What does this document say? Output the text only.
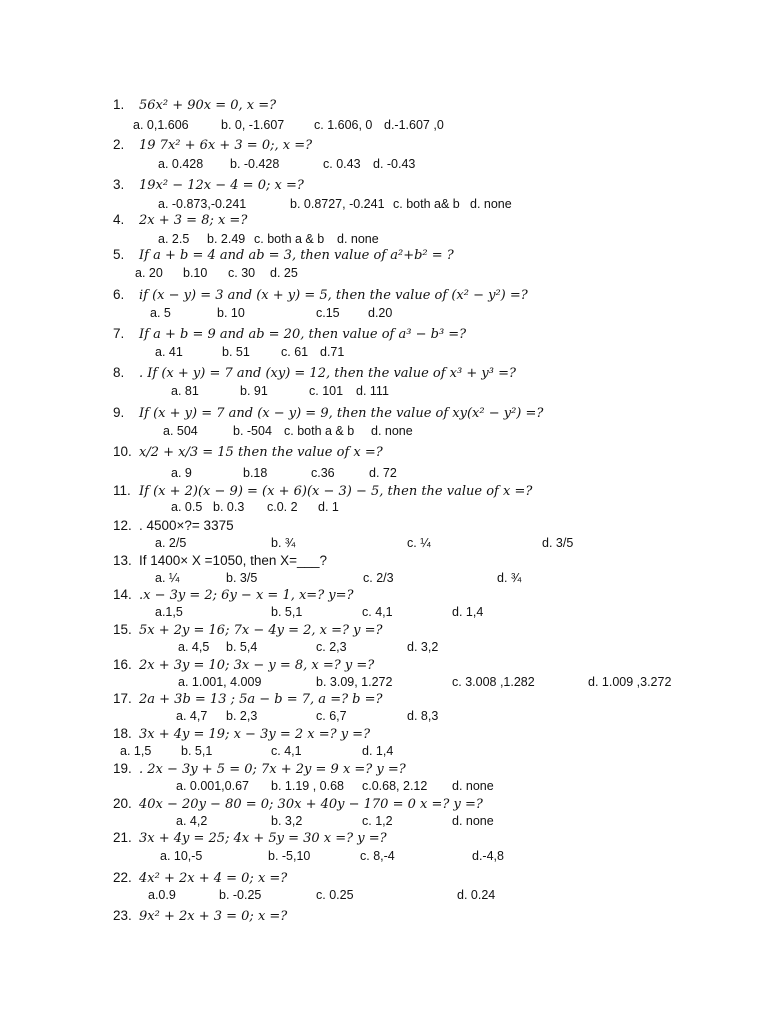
1. 56x² + 90x = 0, x =?
a. 0,1.606	b. 0, -1.607 c. 1.606, 0 d.-1.607 ,0
2. 19 7x² + 6x + 3 = 0;, x =?
a. 0.428 b. -0.428	c. 0.43 d. -0.43
3. 19x² − 12x − 4 = 0; x =?
a. -0.873,-0.241	b. 0.8727, -0.241 c. both a& b d. none
4. 2x + 3 = 8; x =?
a. 2.5 b. 2.49 c. both a & b d. none
5. If a + b = 4 and ab = 3, then value of a²+b² = ?
a. 20 b.10 c. 30 d. 25
6. if (x − y) = 3 and (x + y) = 5, then the value of (x² − y²) =?
a. 5	b. 10	c.15 d.20
7. If a + b = 9 and ab = 20, then value of a³ − b³ =?
a. 41	b. 51 c. 61 d.71
8. . If (x + y) = 7 and (xy) = 12, then the value of x³ + y³ =?
a. 81	b. 91	c. 101 d. 111
9. If (x + y) = 7 and (x − y) = 9, then the value of xy(x² − y²) =?
a. 504	b. -504 c. both a & b d. none
10. x/2 + x/3 = 15 then the value of x =?
a. 9	b.18	c.36	d. 72
11. If (x + 2)(x − 9) = (x + 6)(x − 3) − 5, then the value of x =?
a. 0.5 b. 0.3 c.0. 2 d. 1
12. . 4500×?= 3375
a. 2/5	b. ¾	c. ¼	d. 3/5
13. If 1400× X =1050, then X=___?
a. ¼	b. 3/5	c. 2/3	d. ¾
14. .x − 3y = 2; 6y − x = 1, x=? y=?
a.1,5	b. 5,1	c. 4,1	d. 1,4
15. 5x + 2y = 16; 7x − 4y = 2, x =? y =?
a. 4,5 b. 5,4	c. 2,3	d. 3,2
16. 2x + 3y = 10; 3x − y = 8, x =? y =?
a. 1.001, 4.009	b. 3.09, 1.272	c. 3.008 ,1.282	d. 1.009 ,3.272
17. 2a + 3b = 13 ; 5a − b = 7, a =? b =?
a. 4,7 b. 2,3	c. 6,7	d. 8,3
18. 3x + 4y = 19; x − 3y = 2 x =? y =?
a. 1,5 b. 5,1	c. 4,1	d. 1,4
19. . 2x − 3y + 5 = 0; 7x + 2y = 9 x =? y =?
a. 0.001,0.67 b. 1.19 , 0.68 c.0.68, 2.12 d. none
20. 40x − 20y − 80 = 0; 30x + 40y − 170 = 0 x =? y =?
a. 4,2	b. 3,2	c. 1,2	d. none
21. 3x + 4y = 25; 4x + 5y = 30 x =? y =?
a. 10,-5	b. -5,10	c. 8,-4	d.-4,8
22. 4x² + 2x + 4 = 0; x =?
a.0.9	b. -0.25	c. 0.25	d. 0.24
23. 9x² + 2x + 3 = 0; x =?
